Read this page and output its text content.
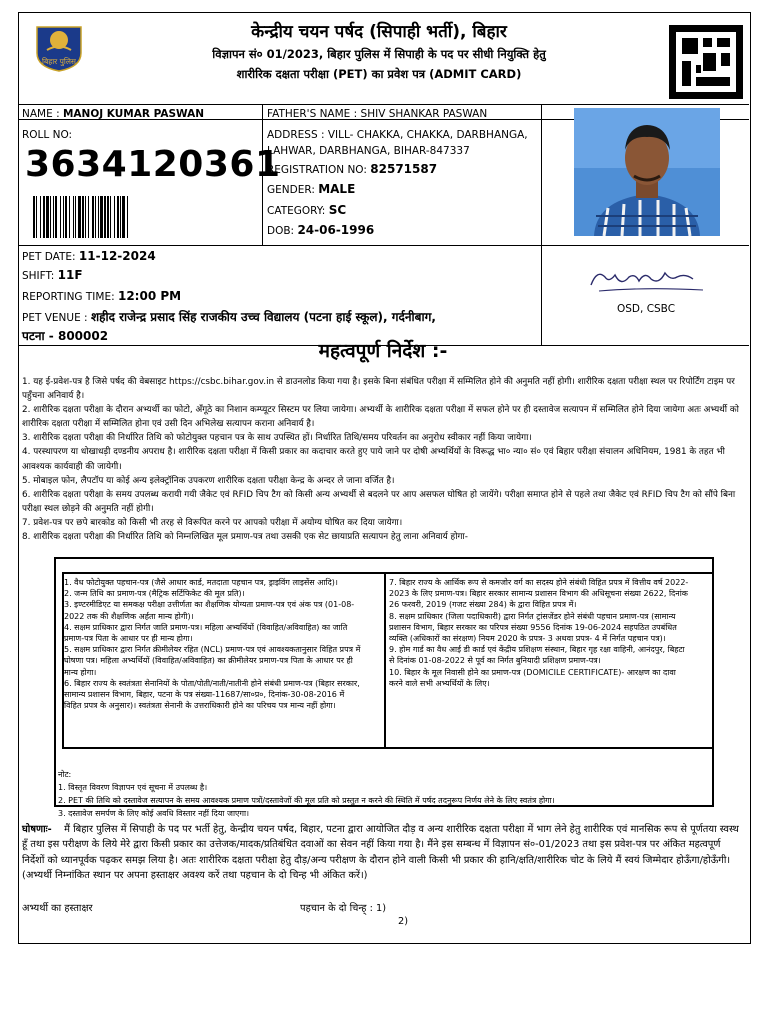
बिहार पुलिस
केन्द्रीय चयन पर्षद (सिपाही भर्ती), बिहार
विज्ञापन सं० 01/2023, बिहार पुलिस में सिपाही के पद पर सीधी नियुक्ति हेतु
शारीरिक दक्षता परीक्षा (PET) का प्रवेश पत्र (ADMIT CARD)
NAME : MANOJ KUMAR PASWAN	FATHER'S NAME : SHIV SHANKAR PASWAN
ROLL NO:
3634120361
ADDRESS : VILL- CHAKKA, CHAKKA, DARBHANGA,
LAHWAR, DARBHANGA, BIHAR-847337
REGISTRATION NO: 82571587
GENDER: MALE
CATEGORY: SC
DOB: 24-06-1996
PET DATE: 11-12-2024
SHIFT: 11F
REPORTING TIME: 12:00 PM
PET VENUE : शहीद राजेन्द्र प्रसाद सिंह राजकीय उच्च विद्यालय (पटना हाई स्कूल), गर्दनीबाग,
पटना - 800002
OSD, CSBC
महत्वपूर्ण निर्देश :-

1. यह ई-प्रवेश-पत्र है जिसे पर्षद की वेबसाइट https://csbc.bihar.gov.in से डाउनलोड किया गया है। इसके बिना संबंधित परीक्षा में सम्मिलित होने की अनुमति नहीं होगी। शारीरिक दक्षता परीक्षा स्थल पर रिपोर्टिंग टाइम पर पहुँचना अनिवार्य है।

2. शारीरिक दक्षता परीक्षा के दौरान अभ्यर्थी का फोटो, अँगूठे का निशान कम्प्यूटर सिस्टम पर लिया जायेगा। अभ्यर्थी के शारीरिक दक्षता परीक्षा में सफल होने पर ही दस्तावेज सत्यापन में सम्मिलित होने दिया जायेगा अतः अभ्यर्थी को शारीरिक दक्षता परीक्षा में सम्मिलित होना एवं उसी दिन अभिलेख सत्यापन कराना अनिवार्य है।

3. शारीरिक दक्षता परीक्षा की निर्धारित तिथि को फोटोयुक्त पहचान पत्र के साथ उपस्थित हों। निर्धारित तिथि/समय परिवर्तन का अनुरोध स्वीकार नहीं किया जायेगा।

4. परस्थापरण या धोखाधड़ी दण्डनीय अपराध है। शारीरिक दक्षता परीक्षा में किसी प्रकार का कदाचार करते हुए पाये जाने पर दोषी अभ्यर्थियों के विरूद्ध भा० न्या० सं० एवं बिहार परीक्षा संचालन अधिनियम, 1981 के तहत भी आवश्यक कार्यवाही की जायेगी।

5. मोबाइल फोन, लैपटॉप या कोई अन्य इलेक्ट्रॉनिक उपकरण शारीरिक दक्षता परीक्षा केन्द्र के अन्दर ले जाना वर्जित है।

6. शारीरिक दक्षता परीक्षा के समय उपलब्ध करायी गयी जैकेट एवं RFID चिप टैग को किसी अन्य अभ्यर्थी से बदलने पर आप असफल घोषित हो जायेंगे। परीक्षा समाप्त होने से पहले तथा जैकेट एवं RFID चिप टैग को सौंपे बिना परीक्षा स्थल छोड़ने की अनुमति नहीं होगी।

7. प्रवेश-पत्र पर छपे बारकोड को किसी भी तरह से विरूपित करने पर आपको परीक्षा में अयोग्य घोषित कर दिया जायेगा।

8. शारीरिक दक्षता परीक्षा की निर्धारित तिथि को निम्नलिखित मूल प्रमाण-पत्र तथा उसकी एक सेट छायाप्रति सत्यापन हेतु लाना अनिवार्य होगा-

1. वैध फोटोयुक्त पहचान-पत्र (जैसे आधार कार्ड, मतदाता पहचान पत्र, ड्राइविंग लाइसेंस आदि)।

2. जन्म तिथि का प्रमाण-पत्र (मैट्रिक सर्टिफिकेट की मूल प्रति)।

3. इण्टरमीडिएट या समकक्ष परीक्षा उत्तीर्णता का शैक्षणिक योग्यता प्रमाण-पत्र एवं अंक पत्र (01-08-2022 तक की शैक्षणिक अर्हता मान्य होगी)।

4. सक्षम प्राधिकार द्वारा निर्गत जाति प्रमाण-पत्र। महिला अभ्यर्थियों (विवाहित/अविवाहित) का जाति प्रमाण-पत्र पिता के आधार पर ही मान्य होगा।

5. सक्षम प्राधिकार द्वारा निर्गत क्रीमीलेयर रहित (NCL) प्रमाण-पत्र एवं आवश्यकतानुसार विहित प्रपत्र में घोषणा पत्र। महिला अभ्यर्थियों (विवाहित/अविवाहित) का क्रीमीलेयर प्रमाण-पत्र पिता के आधार पर ही मान्य होगा।

6. बिहार राज्य के स्वतंत्रता सेनानियों के पोता/पोती/नाती/नातीनी होने संबंधी प्रमाण-पत्र (बिहार सरकार, सामान्य प्रशासन विभाग, बिहार, पटना के पत्र संख्या-11687/सा०प्र०, दिनांक-30-08-2016 में विहित प्रपत्र के अनुसार)। स्वतंत्रता सेनानी के उत्तराधिकारी होने का परिचय पत्र मान्य नहीं होगा।

7. बिहार राज्य के आर्थिक रूप से कमजोर वर्ग का सदस्य होने संबंधी विहित प्रपत्र में वित्तीय वर्ष 2022-2023 के लिए प्रमाण-पत्र। बिहार सरकार सामान्य प्रशासन विभाग की अधिसूचना संख्या 2622, दिनांक 26 फरवरी, 2019 (गजट संख्या 284) के द्वारा विहित प्रपत्र में।

8. सक्षम प्राधिकार (जिला पदाधिकारी) द्वारा निर्गत ट्रांसजेंडर होने संबंधी पहचान प्रमाण-पत्र (सामान्य प्रशासन विभाग, बिहार सरकार का परिपत्र संख्या 9556 दिनांक 19-06-2024 सहपठित उपबंधित व्यक्ति (अधिकारों का संरक्षण) नियम 2020 के प्रपत्र- 3 अथवा प्रपत्र- 4 में निर्गत पहचान पत्र)।

9. होम गार्ड का वैध आई डी कार्ड एवं केंद्रीय प्रशिक्षण संस्थान, बिहार गृह रक्षा वाहिनी, आनंदपुर, बिहटा से दिनांक 01-08-2022 से पूर्व का निर्गत बुनियादी प्रशिक्षण प्रमाण-पत्र।

10. बिहार के मूल निवासी होने का प्रमाण-पत्र (DOMICILE CERTIFICATE)- आरक्षण का दावा करने वाले सभी अभ्यर्थियों के लिए।

नोट:

1. विस्तृत विवरण विज्ञापन एवं सूचना में उपलब्ध है।

2. PET की तिथि को दस्तावेज सत्यापन के समय आवश्यक प्रमाण पत्रों/दस्तावेजों की मूल प्रति को प्रस्तुत न करने की स्थिति में पर्षद तदनुरूप निर्णय लेने के लिए स्वतंत्र होगा।

3. दस्तावेज समर्पण के लिए कोई अवधि विस्तार नहीं दिया जाएगा।

घोषणाः- मैं बिहार पुलिस में सिपाही के पद पर भर्ती हेतु, केन्द्रीय चयन पर्षद, बिहार, पटना द्वारा आयोजित दौड़ व अन्य शारीरिक दक्षता परीक्षा में भाग लेने हेतु शारीरिक एवं मानसिक रूप से पूर्णतया स्वस्थ हूँ तथा इस परीक्षण के लिये मेरे द्वारा किसी प्रकार का उत्तेजक/मादक/प्रतिबंधित दवाओं का सेवन नहीं किया गया है। मैंने इस सम्बन्ध में विज्ञापन सं०-01/2023 तथा इस प्रवेश-पत्र पर अंकित महत्वपूर्ण निर्देशों को ध्यानपूर्वक पढ़कर समझ लिया है। अतः शारीरिक दक्षता परीक्षा हेतु दौड़/अन्य परीक्षण के दौरान होने वाली किसी भी प्रकार की हानि/क्षति/शारीरिक चोट के लिये मैं स्वयं जिम्मेदार होऊँगा/होऊँगी।

(अभ्यर्थी निम्नांकित स्थान पर अपना हस्ताक्षर अवश्य करें तथा पहचान के दो चिन्ह भी अंकित करें।)

अभ्यर्थी का हस्ताक्षर	पहचान के दो चिन्ह् : 1)
2)
